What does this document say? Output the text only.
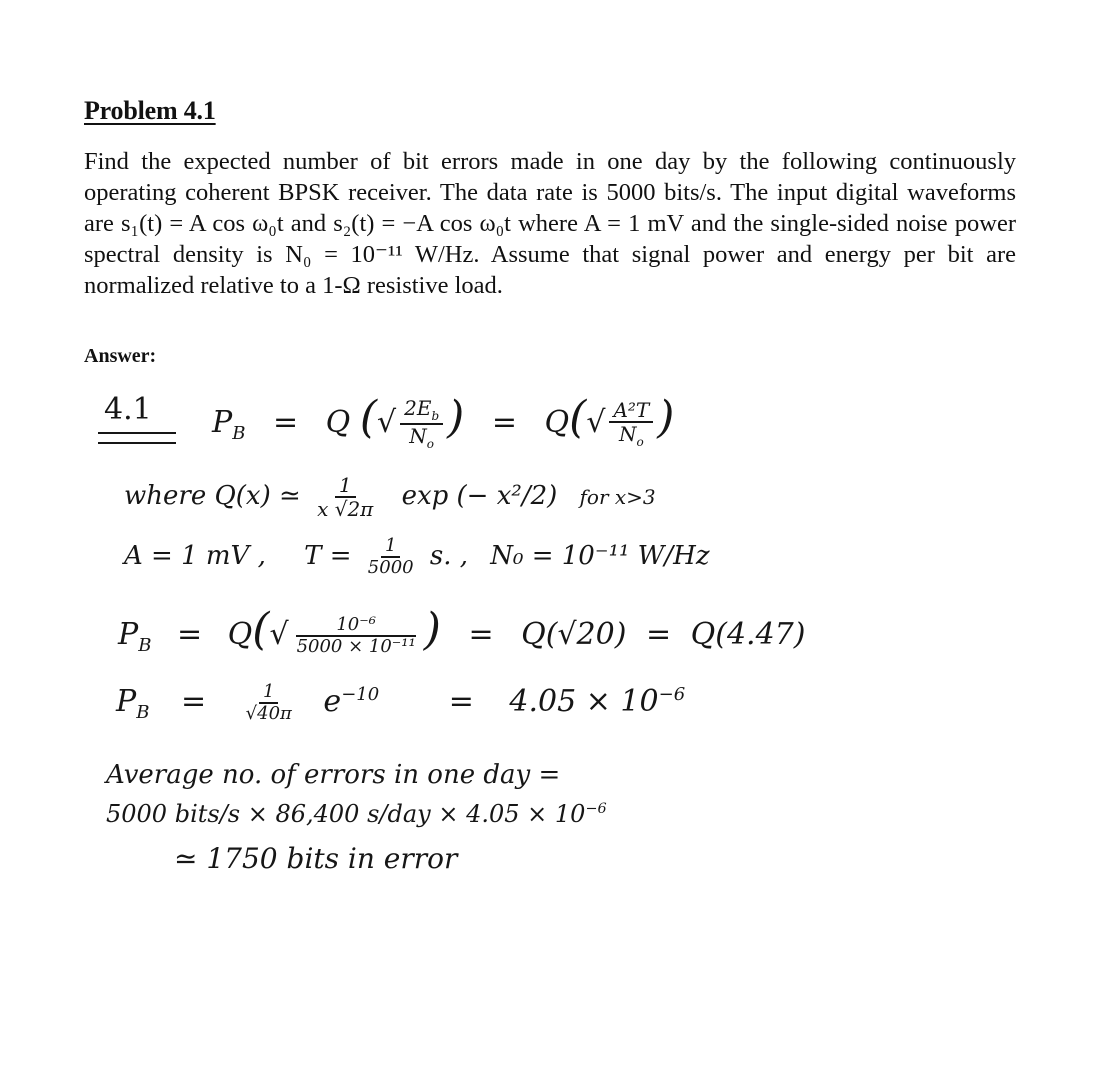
Problem 4.1

Find the expected number of bit errors made in one day by the following continuously operating coherent BPSK receiver. The data rate is 5000 bits/s. The input digital waveforms are s₁(t) = A cos ω₀t and s₂(t) = −A cos ω₀t where A = 1 mV and the single-sided noise power spectral density is N₀ = 10⁻¹¹ W/Hz. Assume that signal power and energy per bit are normalized relative to a 1-Ω resistive load.

Answer:
4.1 $P_B = Q$ (√ $\frac{2E_b}{N_o}$ ) = $Q(√ \frac{\text{A²T}}{N_o}$ )
where Q(x) ≃ $\frac{1}{x √2\pi}$ exp (− x²/2) for x>3
A = 1 mV , $T = \frac{1}{5000} s$. , N₀ = 10⁻¹¹ W/Hz
$P_B = Q(√ \frac{\text{10⁻⁶}}{\text{5000 × 10⁻¹¹}}$ ) = Q(√20) = Q(4.47)
$P_B = \frac{1}{√40\pi} e^{-10} = 4.05 \times 10^{-6}$
Average no. of errors in one day =
5000 bits/s × 86,400 $s/day \times 4.05 \times 10^{-6}$
≃ 1750 bits in error
